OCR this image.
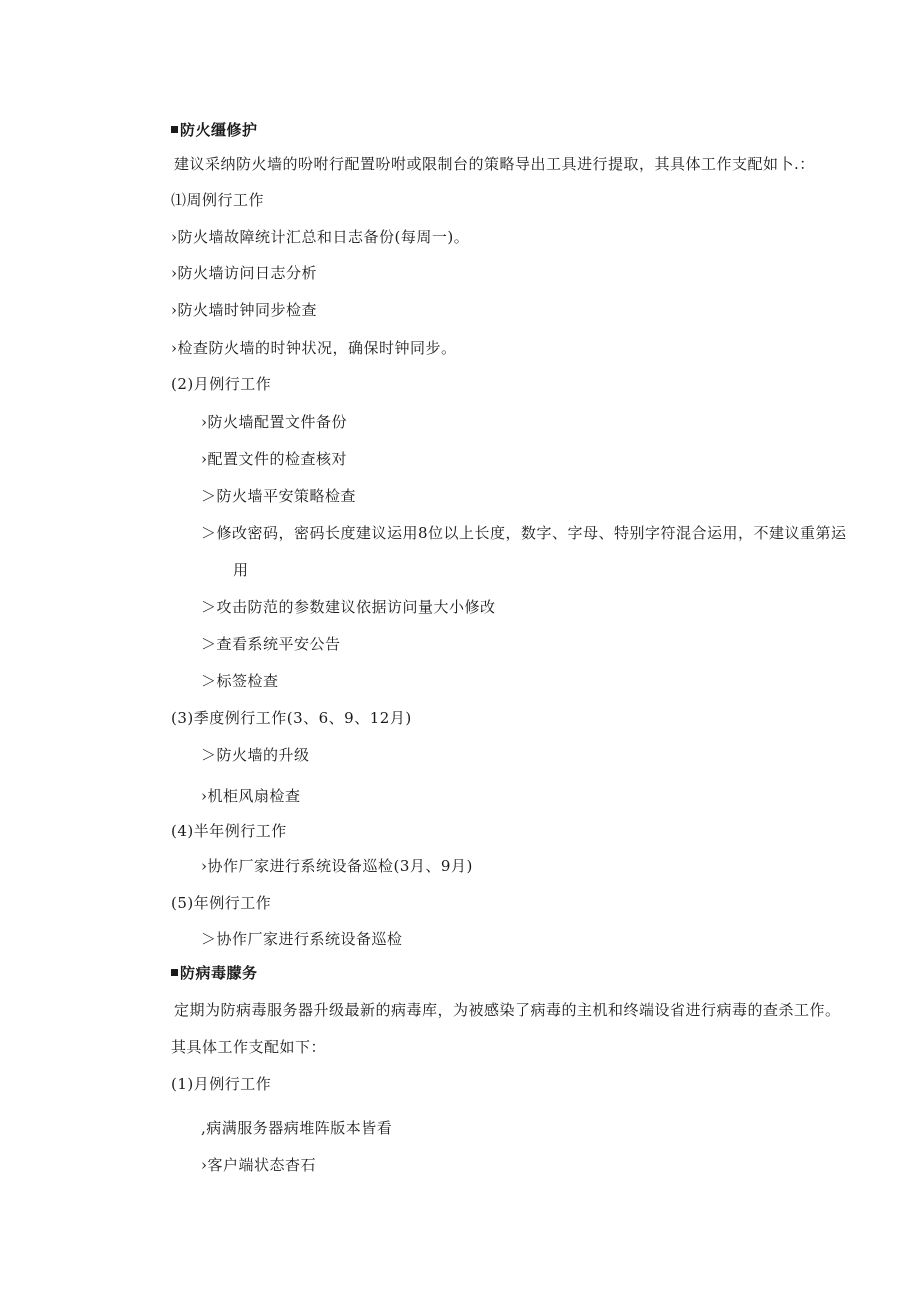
防火缰修护
建议采纳防火墙的吩咐行配置吩咐或限制台的策略导出工具进行提取，其具体工作支配如卜.：
⑴周例行工作
›防火墙故障统计汇总和日志备份(每周一)。
›防火墙访问日志分析
›防火墙时钟同步检查
›检查防火墙的时钟状况，确保时钟同步。
(2)月例行工作
›防火墙配置文件备份
›配置文件的检查核对
＞防火墙平安策略检查
＞修改密码，密码长度建议运用8位以上长度，数字、字母、特别字符混合运用，不建议重第运
用
＞攻击防范的参数建议依据访问量大小修改
＞查看系统平安公告
＞标签检查
(3)季度例行工作(3、6、9、12月)
＞防火墙的升级
›机柜风扇检查
(4)半年例行工作
›协作厂家进行系统设备巡检(3月、9月)
(5)年例行工作
＞协作厂家进行系统设备巡检
防病毒朦务
定期为防病毒服务器升级最新的病毒库，为被感染了病毒的主机和终端设省进行病毒的查杀工作。
其具体工作支配如下：
(1)月例行工作
,病满服务器病堆阵版本皆看
›客户端状态杳石
